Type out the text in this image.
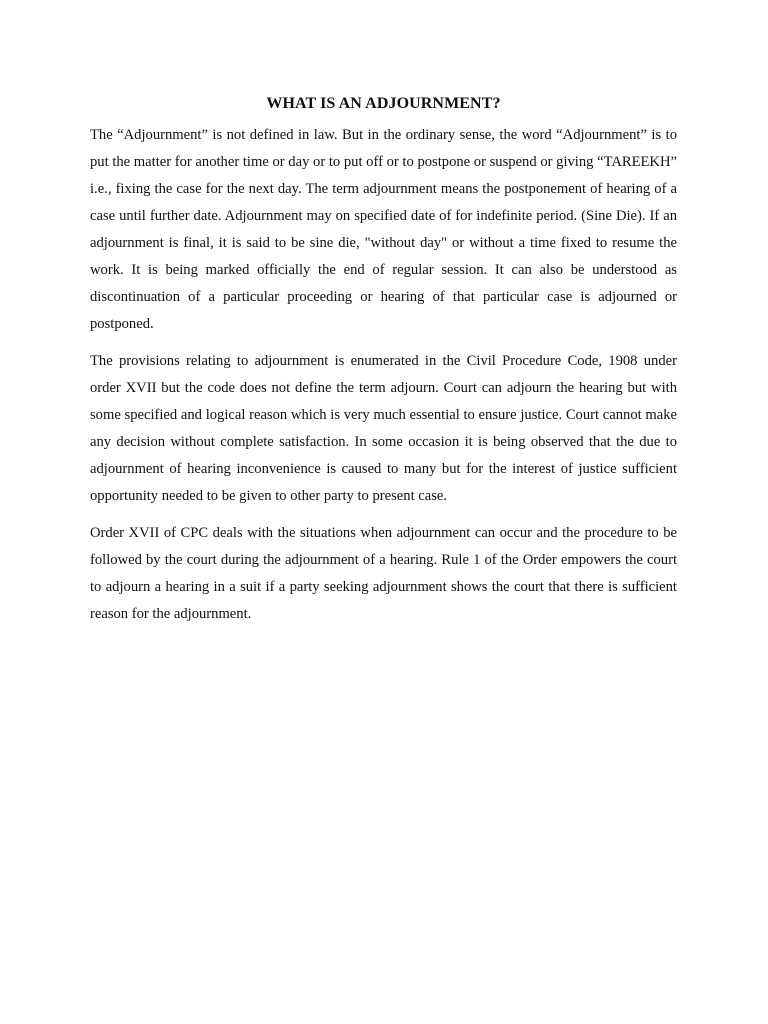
WHAT IS AN ADJOURNMENT?

The “Adjournment” is not defined in law. But in the ordinary sense, the word “Adjournment” is to put the matter for another time or day or to put off or to postpone or suspend or giving “TAREEKH” i.e., fixing the case for the next day. The term adjournment means the postponement of hearing of a case until further date. Adjournment may on specified date of for indefinite period. (Sine Die). If an adjournment is final, it is said to be sine die, "without day" or without a time fixed to resume the work. It is being marked officially the end of regular session. It can also be understood as discontinuation of a particular proceeding or hearing of that particular case is adjourned or postponed.

The provisions relating to adjournment is enumerated in the Civil Procedure Code, 1908 under order XVII but the code does not define the term adjourn. Court can adjourn the hearing but with some specified and logical reason which is very much essential to ensure justice. Court cannot make any decision without complete satisfaction. In some occasion it is being observed that the due to adjournment of hearing inconvenience is caused to many but for the interest of justice sufficient opportunity needed to be given to other party to present case.

Order XVII of CPC deals with the situations when adjournment can occur and the procedure to be followed by the court during the adjournment of a hearing. Rule 1 of the Order empowers the court to adjourn a hearing in a suit if a party seeking adjournment shows the court that there is sufficient reason for the adjournment.
